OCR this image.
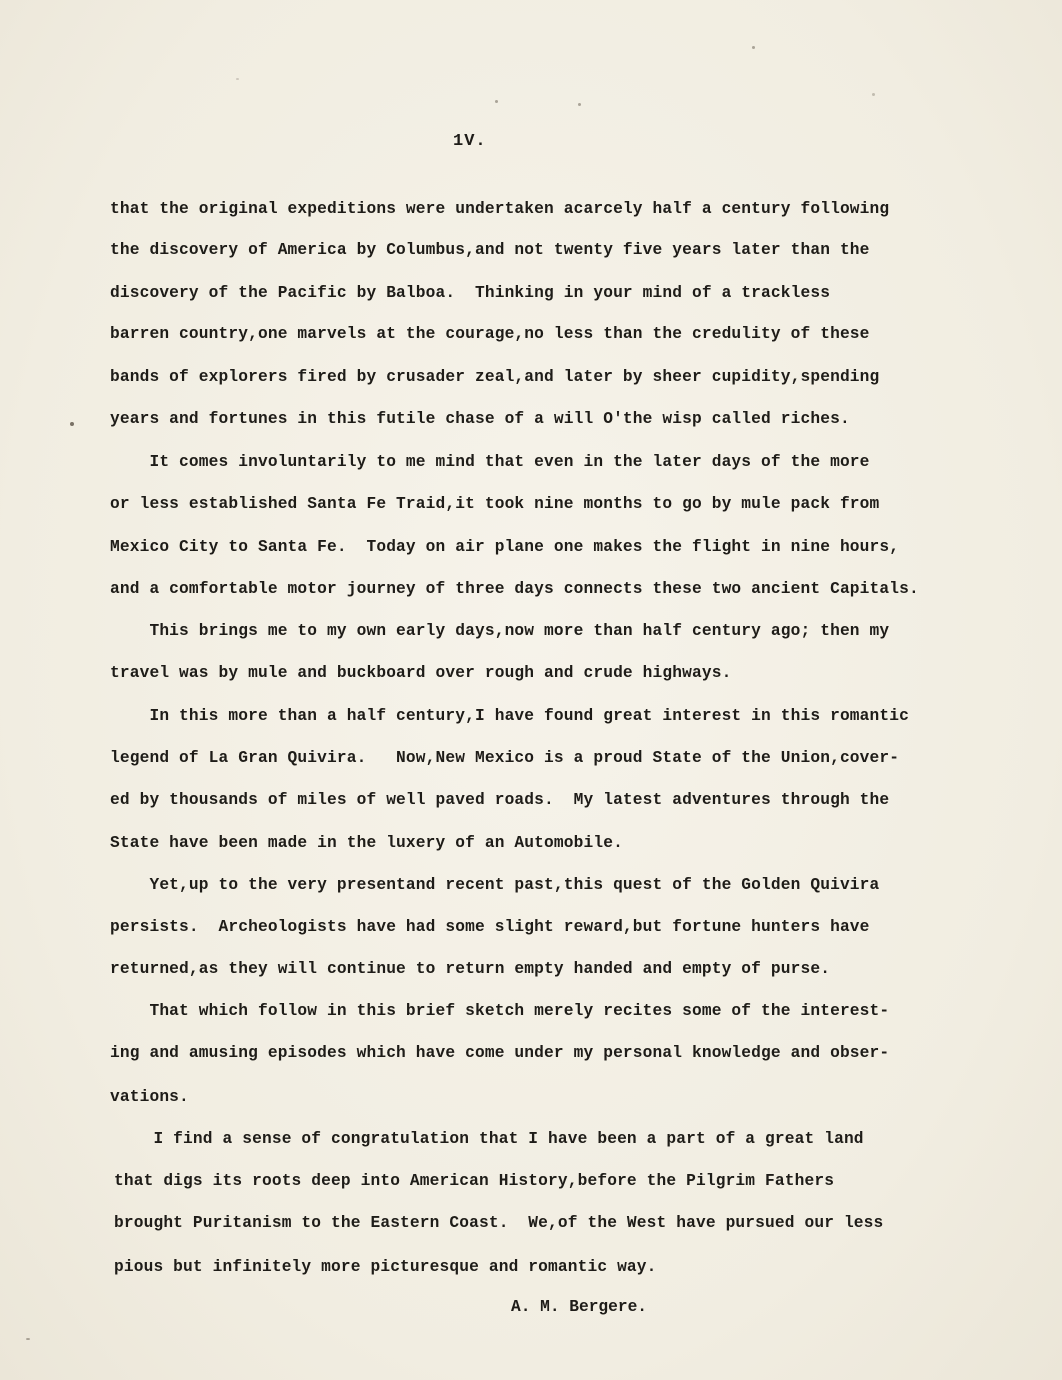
1V.
that the original expeditions were undertaken acarcely half a century following
the discovery of America by Columbus,and not twenty five years later than the
discovery of the Pacific by Balboa.  Thinking in your mind of a trackless
barren country,one marvels at the courage,no less than the credulity of these
bands of explorers fired by crusader zeal,and later by sheer cupidity,spending
years and fortunes in this futile chase of a will O'the wisp called riches.
It comes involuntarily to me mind that even in the later days of the more
or less established Santa Fe Traid,it took nine months to go by mule pack from
Mexico City to Santa Fe.  Today on air plane one makes the flight in nine hours,
and a comfortable motor journey of three days connects these two ancient Capitals.
This brings me to my own early days,now more than half century ago; then my
travel was by mule and buckboard over rough and crude highways.
In this more than a half century,I have found great interest in this romantic
legend of La Gran Quivira.   Now,New Mexico is a proud State of the Union,cover-
ed by thousands of miles of well paved roads.  My latest adventures through the
State have been made in the luxery of an Automobile.
Yet,up to the very presentand recent past,this quest of the Golden Quivira
persists.  Archeologists have had some slight reward,but fortune hunters have
returned,as they will continue to return empty handed and empty of purse.
That which follow in this brief sketch merely recites some of the interest-
ing and amusing episodes which have come under my personal knowledge and obser-
vations.
I find a sense of congratulation that I have been a part of a great land
that digs its roots deep into American History,before the Pilgrim Fathers
brought Puritanism to the Eastern Coast.  We,of the West have pursued our less
pious but infinitely more picturesque and romantic way.
A. M. Bergere.
